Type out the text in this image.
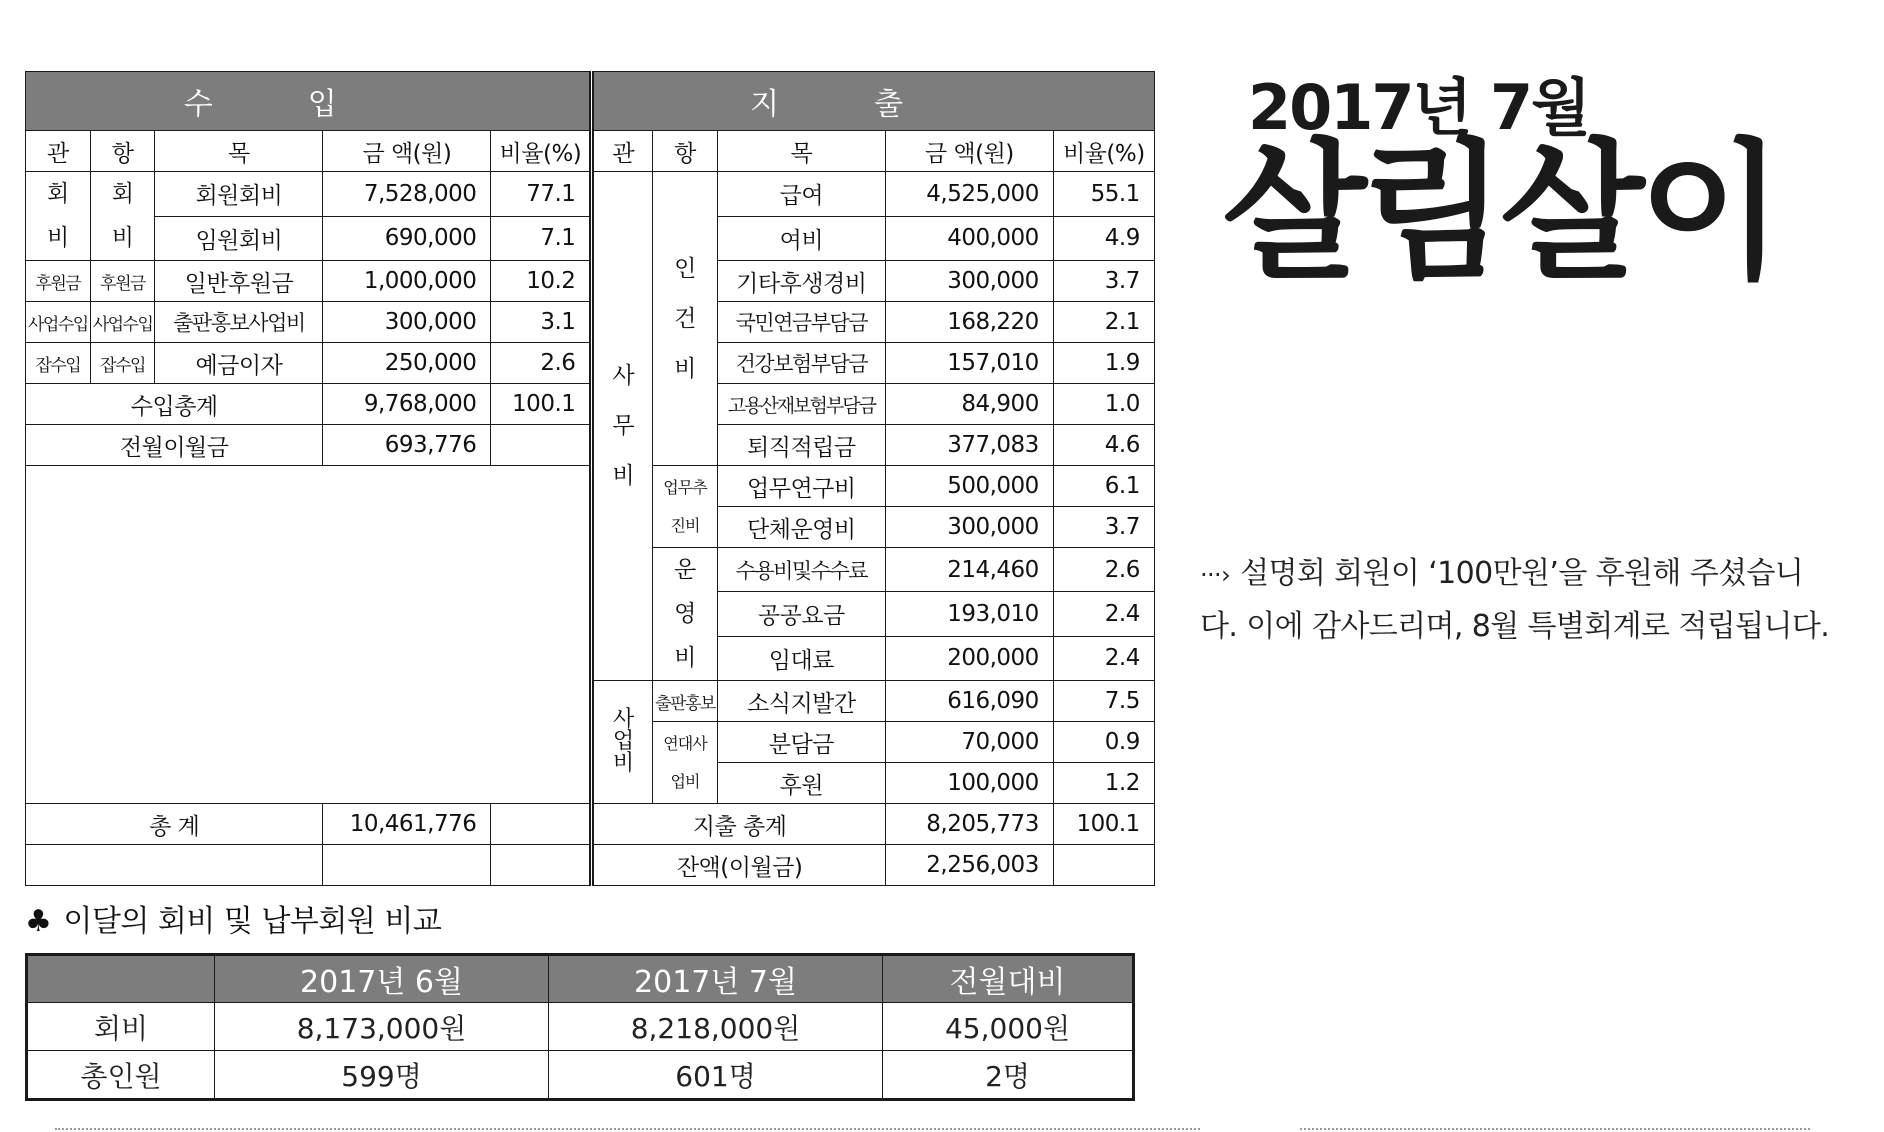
수입					지출				
관	항	목	금 액(원)	비율(%)	관	항	목	금 액(원)	비율(%)
회비	회비	회원회비	7,528,000	77.1	사무비	인건비	급여	4,525,000	55.1
		임원회비	690,000	7.1			여비	400,000	4.9
후원금	후원금	일반후원금	1,000,000	10.2			기타후생경비	300,000	3.7
사업수입	사업수입	출판홍보사업비	300,000	3.1			국민연금부담금	168,220	2.1
잡수입	잡수입	예금이자	250,000	2.6			건강보험부담금	157,010	1.9
수입총계			9,768,000	100.1			고용산재보험부담금	84,900	1.0
전월이월금			693,776				퇴직적립금	377,083	4.6
						업무추진비	업무연구비	500,000	6.1
							단체운영비	300,000	3.7
						운영비	수용비및수수료	214,460	2.6
							공공요금	193,010	2.4
							임대료	200,000	2.4
					사업비	출판홍보	소식지발간	616,090	7.5
						연대사업비	분담금	70,000	0.9
							후원	100,000	1.2
총 계			10,461,776		지출 총계			8,205,773	100.1
					잔액(이월금)			2,256,003	
2017년 7월
살림살이
···› 설명회 회원이 ‘100만원’을 후원해 주셨습니다. 이에 감사드리며, 8월 특별회계로 적립됩니다.
♣ 이달의 회비 및 납부회원 비교
	2017년 6월	2017년 7월	전월대비
회비	8,173,000원	8,218,000원	45,000원
총인원	599명	601명	2명
